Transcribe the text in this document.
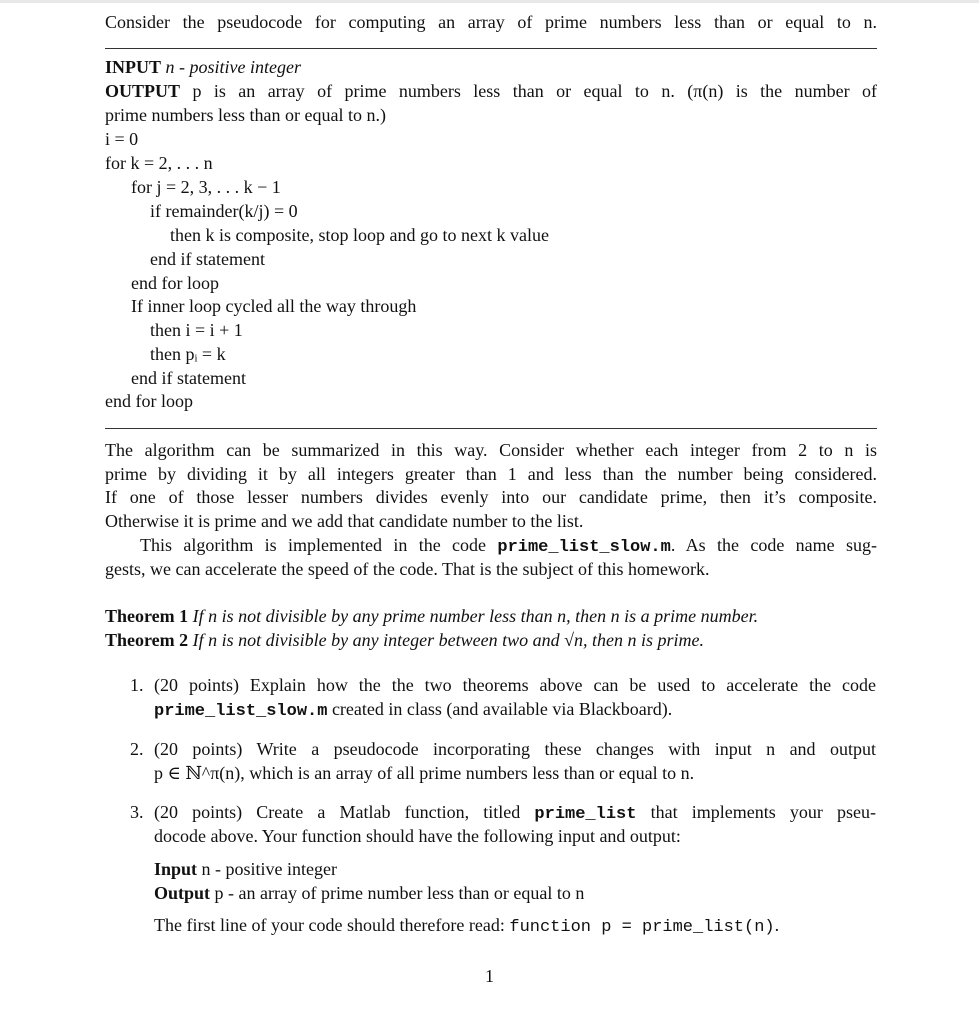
Consider the pseudocode for computing an array of prime numbers less than or equal to n.
INPUT n - positive integer
OUTPUT p is an array of prime numbers less than or equal to n. (π(n) is the number of
prime numbers less than or equal to n.)
i = 0
for k = 2, . . . n
for j = 2, 3, . . . k − 1
if remainder(k/j) = 0
then k is composite, stop loop and go to next k value
end if statement
end for loop
If inner loop cycled all the way through
then i = i + 1
then pᵢ = k
end if statement
end for loop
The algorithm can be summarized in this way. Consider whether each integer from 2 to n is
prime by dividing it by all integers greater than 1 and less than the number being considered.
If one of those lesser numbers divides evenly into our candidate prime, then it’s composite.
Otherwise it is prime and we add that candidate number to the list.
This algorithm is implemented in the code prime_list_slow.m. As the code name sug-
gests, we can accelerate the speed of the code. That is the subject of this homework.
Theorem 1 If n is not divisible by any prime number less than n, then n is a prime number.
Theorem 2 If n is not divisible by any integer between two and √n, then n is prime.
1. (20 points) Explain how the the two theorems above can be used to accelerate the code
prime_list_slow.m created in class (and available via Blackboard).
2. (20 points) Write a pseudocode incorporating these changes with input n and output
p ∈ ℕ^π(n), which is an array of all prime numbers less than or equal to n.
3. (20 points) Create a Matlab function, titled prime_list that implements your pseu-
docode above. Your function should have the following input and output:
Input n - positive integer
Output p - an array of prime number less than or equal to n
The first line of your code should therefore read: function p = prime_list(n).
1
